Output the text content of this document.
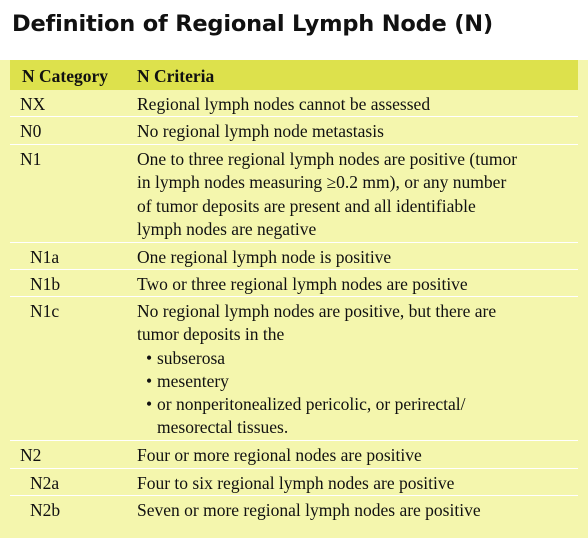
Definition of Regional Lymph Node (N)
N Category N Criteria
NX	Regional lymph nodes cannot be assessed
N0	No regional lymph node metastasis
N1	One to three regional lymph nodes are positive (tumor
in lymph nodes measuring ≥0.2 mm), or any number
of tumor deposits are present and all identifiable
lymph nodes are negative
N1a	One regional lymph node is positive
N1b	Two or three regional lymph nodes are positive
N1c	No regional lymph nodes are positive, but there are
tumor deposits in the
• subserosa
• mesentery
• or nonperitonealized pericolic, or perirectal/
mesorectal tissues.
N2	Four or more regional nodes are positive
N2a	Four to six regional lymph nodes are positive
N2b	Seven or more regional lymph nodes are positive
